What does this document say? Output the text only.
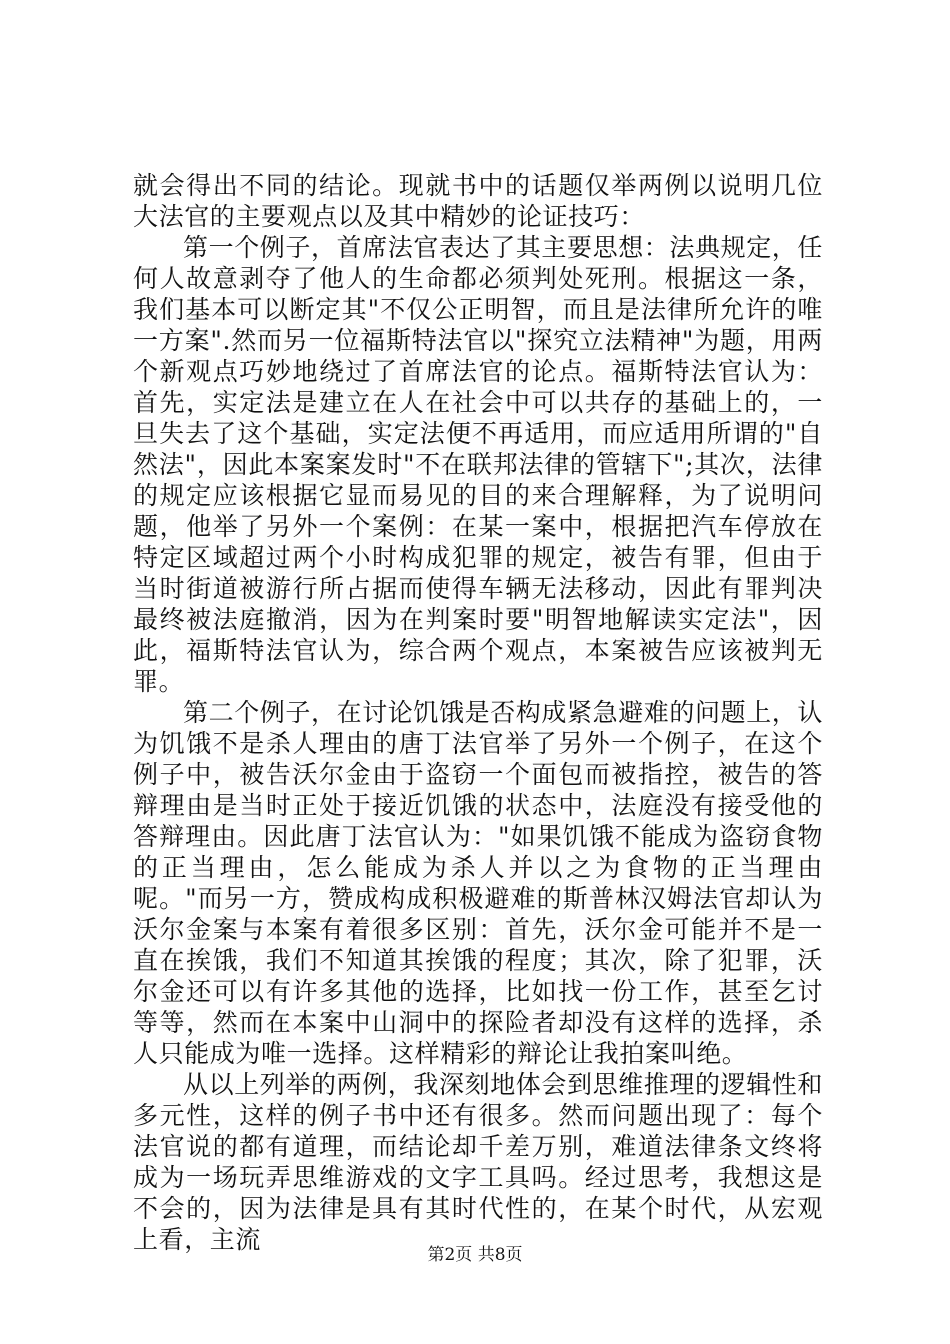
就会得出不同的结论。现就书中的话题仅举两例以说明几位大法官的主要观点以及其中精妙的论证技巧：

第一个例子，首席法官表达了其主要思想：法典规定，任何人故意剥夺了他人的生命都必须判处死刑。根据这一条，我们基本可以断定其"不仅公正明智，而且是法律所允许的唯一方案".然而另一位福斯特法官以"探究立法精神"为题，用两个新观点巧妙地绕过了首席法官的论点。福斯特法官认为：首先，实定法是建立在人在社会中可以共存的基础上的，一旦失去了这个基础，实定法便不再适用，而应适用所谓的"自然法"，因此本案案发时"不在联邦法律的管辖下";其次，法律的规定应该根据它显而易见的目的来合理解释，为了说明问题，他举了另外一个案例：在某一案中，根据把汽车停放在特定区域超过两个小时构成犯罪的规定，被告有罪，但由于当时街道被游行所占据而使得车辆无法移动，因此有罪判决最终被法庭撤消，因为在判案时要"明智地解读实定法"，因此，福斯特法官认为，综合两个观点，本案被告应该被判无罪。

第二个例子，在讨论饥饿是否构成紧急避难的问题上，认为饥饿不是杀人理由的唐丁法官举了另外一个例子，在这个例子中，被告沃尔金由于盗窃一个面包而被指控，被告的答辩理由是当时正处于接近饥饿的状态中，法庭没有接受他的答辩理由。因此唐丁法官认为："如果饥饿不能成为盗窃食物的正当理由，怎么能成为杀人并以之为食物的正当理由呢。"而另一方，赞成构成积极避难的斯普林汉姆法官却认为沃尔金案与本案有着很多区别：首先，沃尔金可能并不是一直在挨饿，我们不知道其挨饿的程度；其次，除了犯罪，沃尔金还可以有许多其他的选择，比如找一份工作，甚至乞讨等等，然而在本案中山洞中的探险者却没有这样的选择，杀人只能成为唯一选择。这样精彩的辩论让我拍案叫绝。

从以上列举的两例，我深刻地体会到思维推理的逻辑性和多元性，这样的例子书中还有很多。然而问题出现了：每个法官说的都有道理，而结论却千差万别，难道法律条文终将成为一场玩弄思维游戏的文字工具吗。经过思考，我想这是不会的，因为法律是具有其时代性的，在某个时代，从宏观上看，主流

第2页 共8页
